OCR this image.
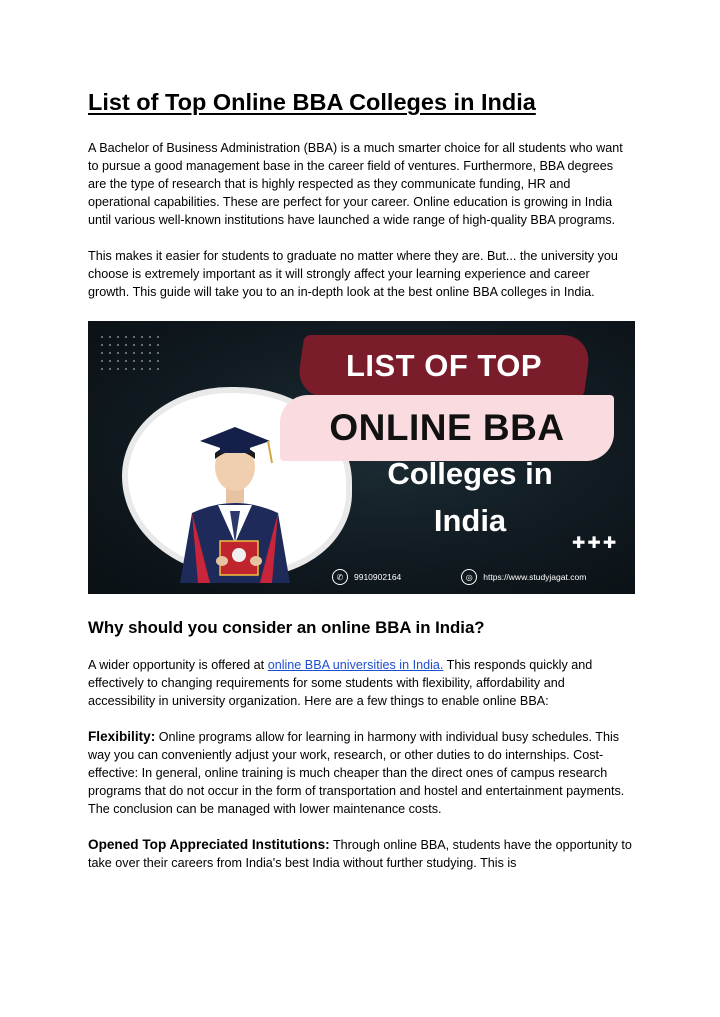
List of Top Online BBA Colleges in India

A Bachelor of Business Administration (BBA) is a much smarter choice for all students who want to pursue a good management base in the career field of ventures. Furthermore, BBA degrees are the type of research that is highly respected as they communicate funding, HR and operational capabilities. These are perfect for your career. Online education is growing in India until various well-known institutions have launched a wide range of high-quality BBA programs.

This makes it easier for students to graduate no matter where they are. But... the university you choose is extremely important as it will strongly affect your learning experience and career growth. This guide will take you to an in-depth look at the best online BBA colleges in India.

LIST OF TOP
ONLINE BBA
Colleges in
India
✚✚✚
✆	9910902164	◎	https://www.studyjagat.com
Why should you consider an online BBA in India?

A wider opportunity is offered at online BBA universities in India. This responds quickly and effectively to changing requirements for some students with flexibility, affordability and accessibility in university organization. Here are a few things to enable online BBA:

Flexibility: Online programs allow for learning in harmony with individual busy schedules. This way you can conveniently adjust your work, research, or other duties to do internships. Cost-effective: In general, online training is much cheaper than the direct ones of campus research programs that do not occur in the form of transportation and hostel and entertainment payments. The conclusion can be managed with lower maintenance costs.

Opened Top Appreciated Institutions: Through online BBA, students have the opportunity to take over their careers from India's best India without further studying. This is
